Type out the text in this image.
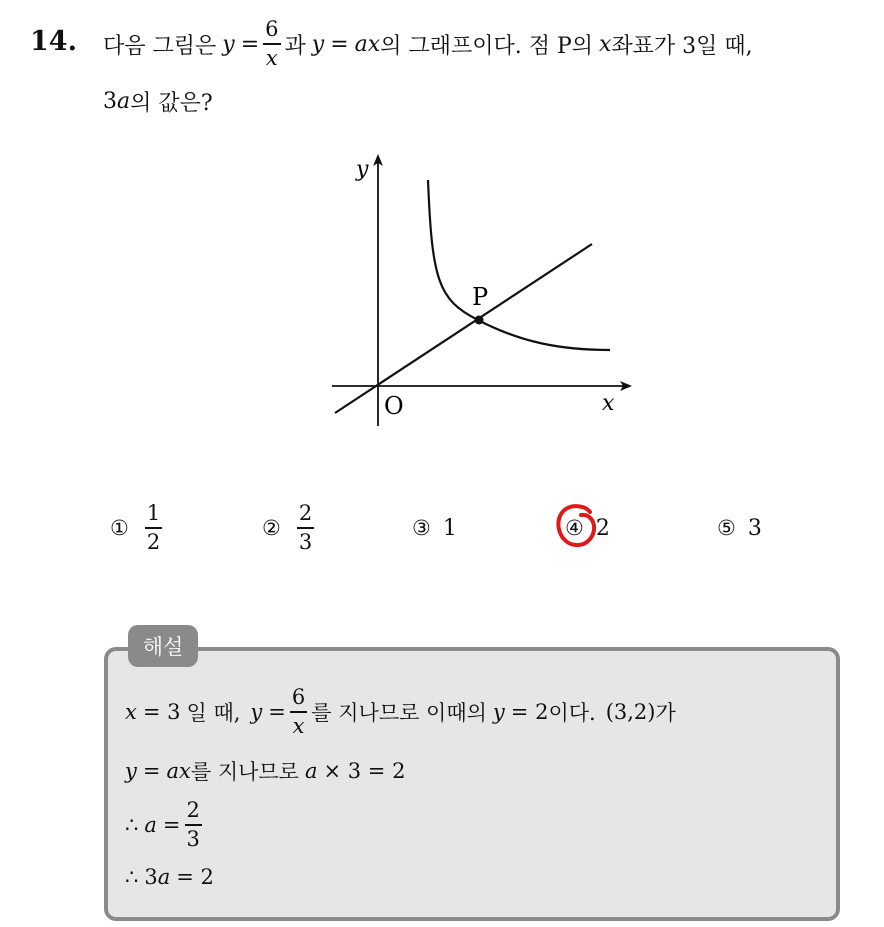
14. 다음 그림은 $y = \frac{6}{x}$ 과 y = a x 의 그래프이다. 점 P의 x 좌표가 3일 때,
3 a 의 값은?
P
O
y
x
① $\frac{1}{2}$	② $\frac{2}{3}$	③ 1	④ 2	⑤ 3
해설
x = 3 일 때, $y = \frac{6}{x}$ 를 지나므로 이때의 y = 2 이다. (3,2) 가
y = a x 를 지나므로 a × 3 = 2
∴ $a = \frac{2}{3}$
∴ 3 a = 2
